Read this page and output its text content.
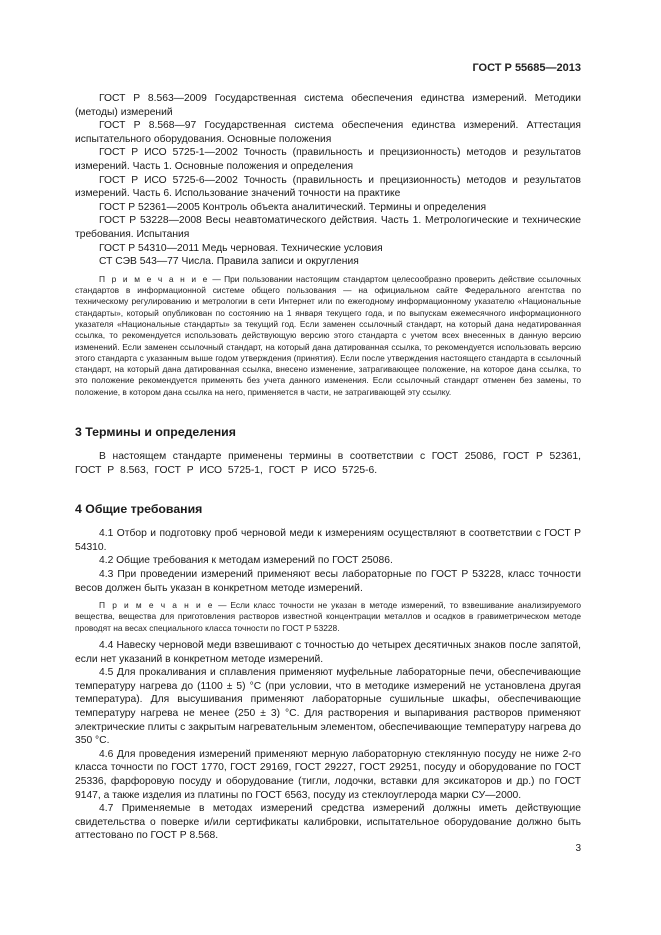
ГОСТ Р 55685—2013

ГОСТ Р 8.563—2009 Государственная система обеспечения единства измерений. Методики (методы) измерений

ГОСТ Р 8.568—97 Государственная система обеспечения единства измерений. Аттестация испытательного оборудования. Основные положения

ГОСТ Р ИСО 5725-1—2002 Точность (правильность и прецизионность) методов и результатов измерений. Часть 1. Основные положения и определения

ГОСТ Р ИСО 5725-6—2002 Точность (правильность и прецизионность) методов и результатов измерений. Часть 6. Использование значений точности на практике

ГОСТ Р 52361—2005 Контроль объекта аналитический. Термины и определения

ГОСТ Р 53228—2008 Весы неавтоматического действия. Часть 1. Метрологические и технические требования. Испытания

ГОСТ Р 54310—2011 Медь черновая. Технические условия

СТ СЭВ 543—77 Числа. Правила записи и округления

П р и м е ч а н и е — При пользовании настоящим стандартом целесообразно проверить действие ссылочных стандартов в информационной системе общего пользования — на официальном сайте Федерального агентства по техническому регулированию и метрологии в сети Интернет или по ежегодному информационному указателю «Национальные стандарты», который опубликован по состоянию на 1 января текущего года, и по выпускам ежемесячного информационного указателя «Национальные стандарты» за текущий год. Если заменен ссылочный стандарт, на который дана недатированная ссылка, то рекомендуется использовать действующую версию этого стандарта с учетом всех внесенных в данную версию изменений. Если заменен ссылочный стандарт, на который дана датированная ссылка, то рекомендуется использовать версию этого стандарта с указанным выше годом утверждения (принятия). Если после утверждения настоящего стандарта в ссылочный стандарт, на который дана датированная ссылка, внесено изменение, затрагивающее положение, на которое дана ссылка, то это положение рекомендуется применять без учета данного изменения. Если ссылочный стандарт отменен без замены, то положение, в котором дана ссылка на него, применяется в части, не затрагивающей эту ссылку.

3 Термины и определения

В настоящем стандарте применены термины в соответствии с ГОСТ 25086, ГОСТ Р 52361, ГОСТ Р 8.563, ГОСТ Р ИСО 5725-1, ГОСТ Р ИСО 5725-6.

4 Общие требования

4.1 Отбор и подготовку проб черновой меди к измерениям осуществляют в соответствии с ГОСТ Р 54310.

4.2 Общие требования к методам измерений по ГОСТ 25086.

4.3 При проведении измерений применяют весы лабораторные по ГОСТ Р 53228, класс точности весов должен быть указан в конкретном методе измерений.

П р и м е ч а н и е — Если класс точности не указан в методе измерений, то взвешивание анализируемого вещества, вещества для приготовления растворов известной концентрации металлов и осадков в гравиметрическом методе проводят на весах специального класса точности по ГОСТ Р 53228.

4.4 Навеску черновой меди взвешивают с точностью до четырех десятичных знаков после запятой, если нет указаний в конкретном методе измерений.

4.5 Для прокаливания и сплавления применяют муфельные лабораторные печи, обеспечивающие температуру нагрева до (1100 ± 5) °С (при условии, что в методике измерений не установлена другая температура). Для высушивания применяют лабораторные сушильные шкафы, обеспечивающие температуру нагрева не менее (250 ± 3) °С. Для растворения и выпаривания растворов применяют электрические плиты с закрытым нагревательным элементом, обеспечивающие температуру нагрева до 350 °С.

4.6 Для проведения измерений применяют мерную лабораторную стеклянную посуду не ниже 2-го класса точности по ГОСТ 1770, ГОСТ 29169, ГОСТ 29227, ГОСТ 29251, посуду и оборудование по ГОСТ 25336, фарфоровую посуду и оборудование (тигли, лодочки, вставки для эксикаторов и др.) по ГОСТ 9147, а также изделия из платины по ГОСТ 6563, посуду из стеклоуглерода марки СУ—2000.

4.7 Применяемые в методах измерений средства измерений должны иметь действующие свидетельства о поверке и/или сертификаты калибровки, испытательное оборудование должно быть аттестовано по ГОСТ Р 8.568.

3
